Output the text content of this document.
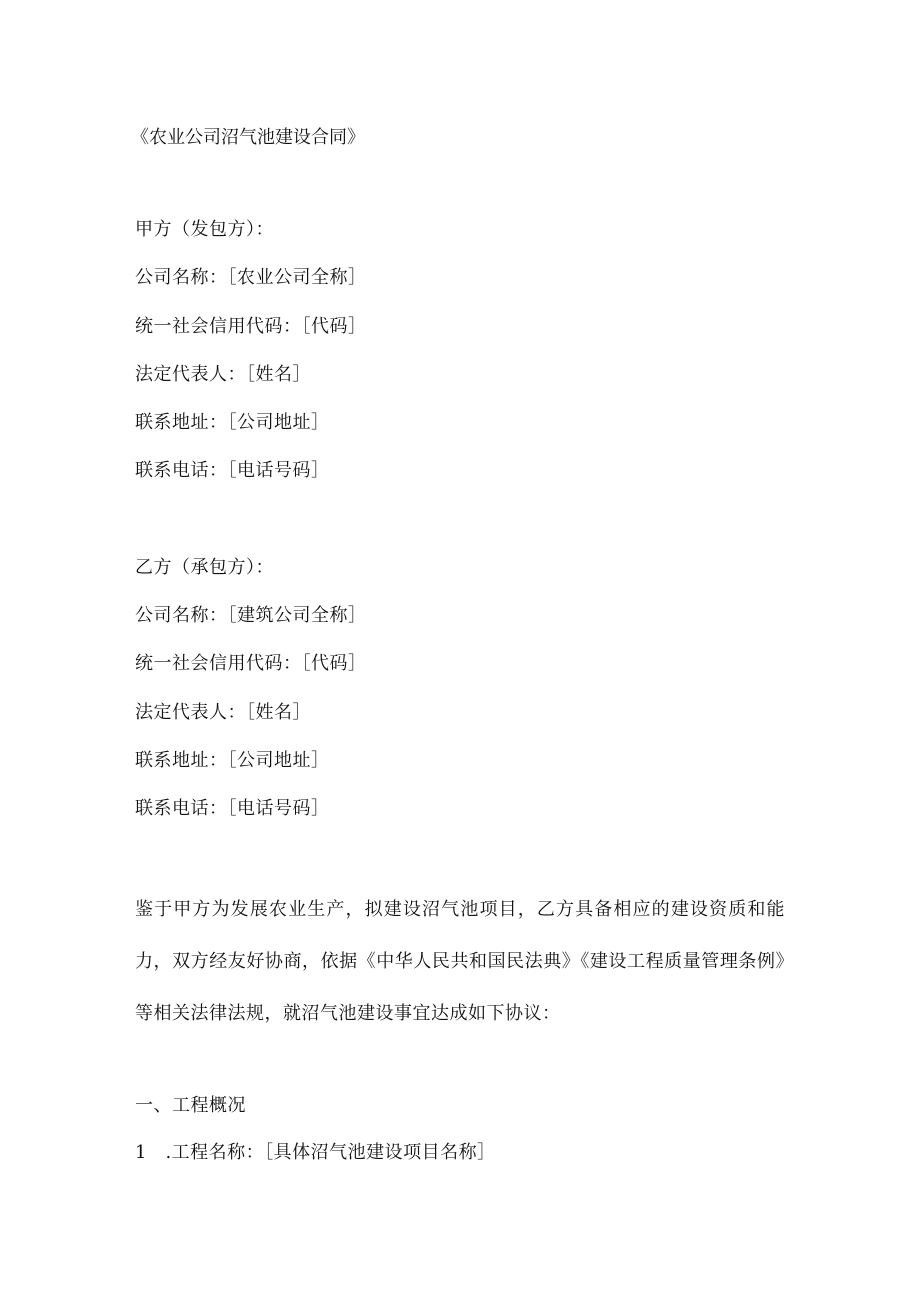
《农业公司沼气池建设合同》
甲方（发包方）：
公司名称：［农业公司全称］
统一社会信用代码：［代码］
法定代表人：［姓名］
联系地址：［公司地址］
联系电话：［电话号码］
乙方（承包方）：
公司名称：［建筑公司全称］
统一社会信用代码：［代码］
法定代表人：［姓名］
联系地址：［公司地址］
联系电话：［电话号码］
鉴于甲方为发展农业生产，拟建设沼气池项目，乙方具备相应的建设资质和能力，双方经友好协商，依据《中华人民共和国民法典》《建设工程质量管理条例》等相关法律法规，就沼气池建设事宜达成如下协议：
一、工程概况
1　.工程名称：［具体沼气池建设项目名称］
